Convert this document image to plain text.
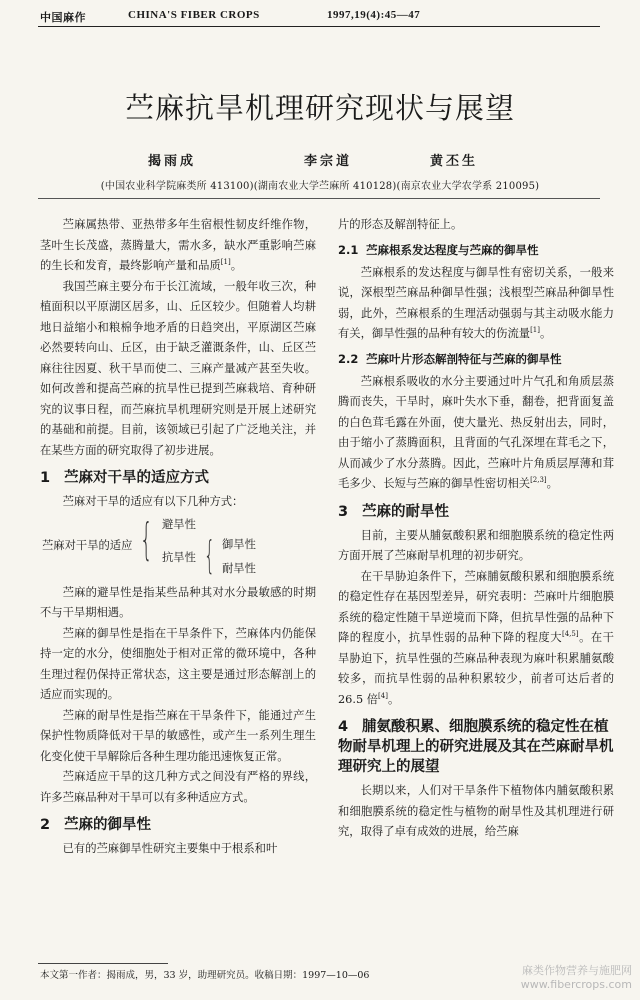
中国麻作	CHINA'S FIBER CROPS	1997,19(4):45—47
苎麻抗旱机理研究现状与展望
揭雨成	李宗道	黄丕生
(中国农业科学院麻类所 413100)(湖南农业大学苎麻所 410128)(南京农业大学农学系 210095)

苎麻属热带、亚热带多年生宿根性韧皮纤维作物，茎叶生长茂盛，蒸腾量大，需水多，缺水严重影响苎麻的生长和发育，最终影响产量和品质[1]。

我国苎麻主要分布于长江流域，一般年收三次，种植面积以平原湖区居多，山、丘区较少。但随着人均耕地日益缩小和粮棉争地矛盾的日趋突出，平原湖区苎麻必然要转向山、丘区，由于缺乏灌溉条件，山、丘区苎麻往往因夏、秋干旱而使二、三麻产量减产甚至失收。如何改善和提高苎麻的抗旱性已提到苎麻栽培、育种研究的议事日程，而苎麻抗旱机理研究则是开展上述研究的基础和前提。目前，该领域已引起了广泛地关注，并在某些方面的研究取得了初步进展。

1 苎麻对干旱的适应方式

苎麻对干旱的适应有以下几种方式：

苎麻对干旱的适应 { 避旱性
抗旱性 { 御旱性
耐旱性

苎麻的避旱性是指某些品种其对水分最敏感的时期不与干旱期相遇。

苎麻的御旱性是指在干旱条件下，苎麻体内仍能保持一定的水分，使细胞处于相对正常的微环境中，各种生理过程仍保持正常状态，这主要是通过形态解剖上的适应而实现的。

苎麻的耐旱性是指苎麻在干旱条件下，能通过产生保护性物质降低对干旱的敏感性，或产生一系列生理生化变化使干旱解除后各种生理功能迅速恢复正常。

苎麻适应干旱的这几种方式之间没有严格的界线，许多苎麻品种对干旱可以有多种适应方式。

2 苎麻的御旱性

已有的苎麻御旱性研究主要集中于根系和叶

片的形态及解剖特征上。

2.1 苎麻根系发达程度与苎麻的御旱性

苎麻根系的发达程度与御旱性有密切关系，一般来说，深根型苎麻品种御旱性强；浅根型苎麻品种御旱性弱，此外，苎麻根系的生理活动强弱与其主动吸水能力有关，御旱性强的品种有较大的伤流量[1]。

2.2 苎麻叶片形态解剖特征与苎麻的御旱性

苎麻根系吸收的水分主要通过叶片气孔和角质层蒸腾而丧失，干旱时，麻叶失水下垂，翻卷，把背面复盖的白色茸毛露在外面，使大量光、热反射出去，同时，由于缩小了蒸腾面积，且背面的气孔深埋在茸毛之下，从而减少了水分蒸腾。因此，苎麻叶片角质层厚薄和茸毛多少、长短与苎麻的御旱性密切相关[2,3]。

3 苎麻的耐旱性

目前，主要从脯氨酸积累和细胞膜系统的稳定性两方面开展了苎麻耐旱机理的初步研究。

在干旱胁迫条件下，苎麻脯氨酸积累和细胞膜系统的稳定性存在基因型差异，研究表明：苎麻叶片细胞膜系统的稳定性随干旱逆境而下降，但抗旱性强的品种下降的程度小，抗旱性弱的品种下降的程度大[4,5]。在干旱胁迫下，抗旱性强的苎麻品种表现为麻叶积累脯氨酸较多，而抗旱性弱的品种积累较少，前者可达后者的 26.5 倍[4]。

4 脯氨酸积累、细胞膜系统的稳定性在植物耐旱机理上的研究进展及其在苎麻耐旱机理研究上的展望

长期以来，人们对干旱条件下植物体内脯氨酸积累和细胞膜系统的稳定性与植物的耐旱性及其机理进行研究，取得了卓有成效的进展，给苎麻

本文第一作者：揭雨成，男，33 岁，助理研究员。收稿日期：1997—10—06	麻类作物营养与施肥网
www.fibercrops.com
